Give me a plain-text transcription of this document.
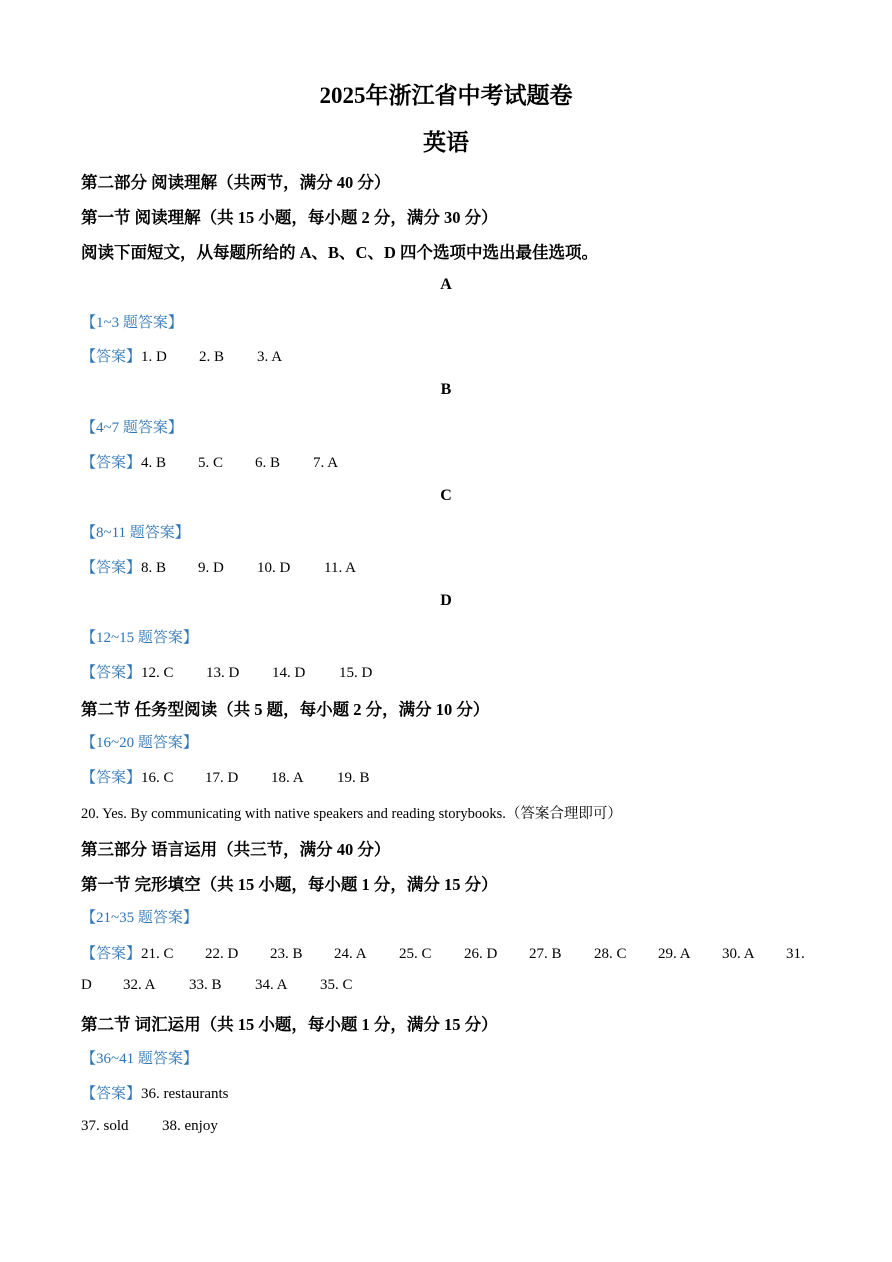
2025年浙江省中考试题卷
英语
第二部分 阅读理解（共两节，满分 40 分）
第一节 阅读理解（共 15 小题，每小题 2 分，满分 30 分）
阅读下面短文，从每题所给的 A、B、C、D 四个选项中选出最佳选项。
A
【1~3 题答案】
【答案】1. D 2. B 3. A
B
【4~7 题答案】
【答案】4. B 5. C 6. B 7. A
C
【8~11 题答案】
【答案】8. B 9. D 10. D 11. A
D
【12~15 题答案】
【答案】12. C 13. D 14. D 15. D
第二节 任务型阅读（共 5 题，每小题 2 分，满分 10 分）
【16~20 题答案】
【答案】16. C 17. D 18. A 19. B
20. Yes. By communicating with native speakers and reading storybooks.（答案合理即可）
第三部分 语言运用（共三节，满分 40 分）
第一节 完形填空（共 15 小题，每小题 1 分，满分 15 分）
【21~35 题答案】
【答案】21. C 22. D 23. B 24. A 25. C 26. D 27. B 28. C 29. A 30. A 31.
D 32. A 33. B 34. A 35. C
第二节 词汇运用（共 15 小题，每小题 1 分，满分 15 分）
【36~41 题答案】
【答案】36. restaurants
37. sold 38. enjoy
